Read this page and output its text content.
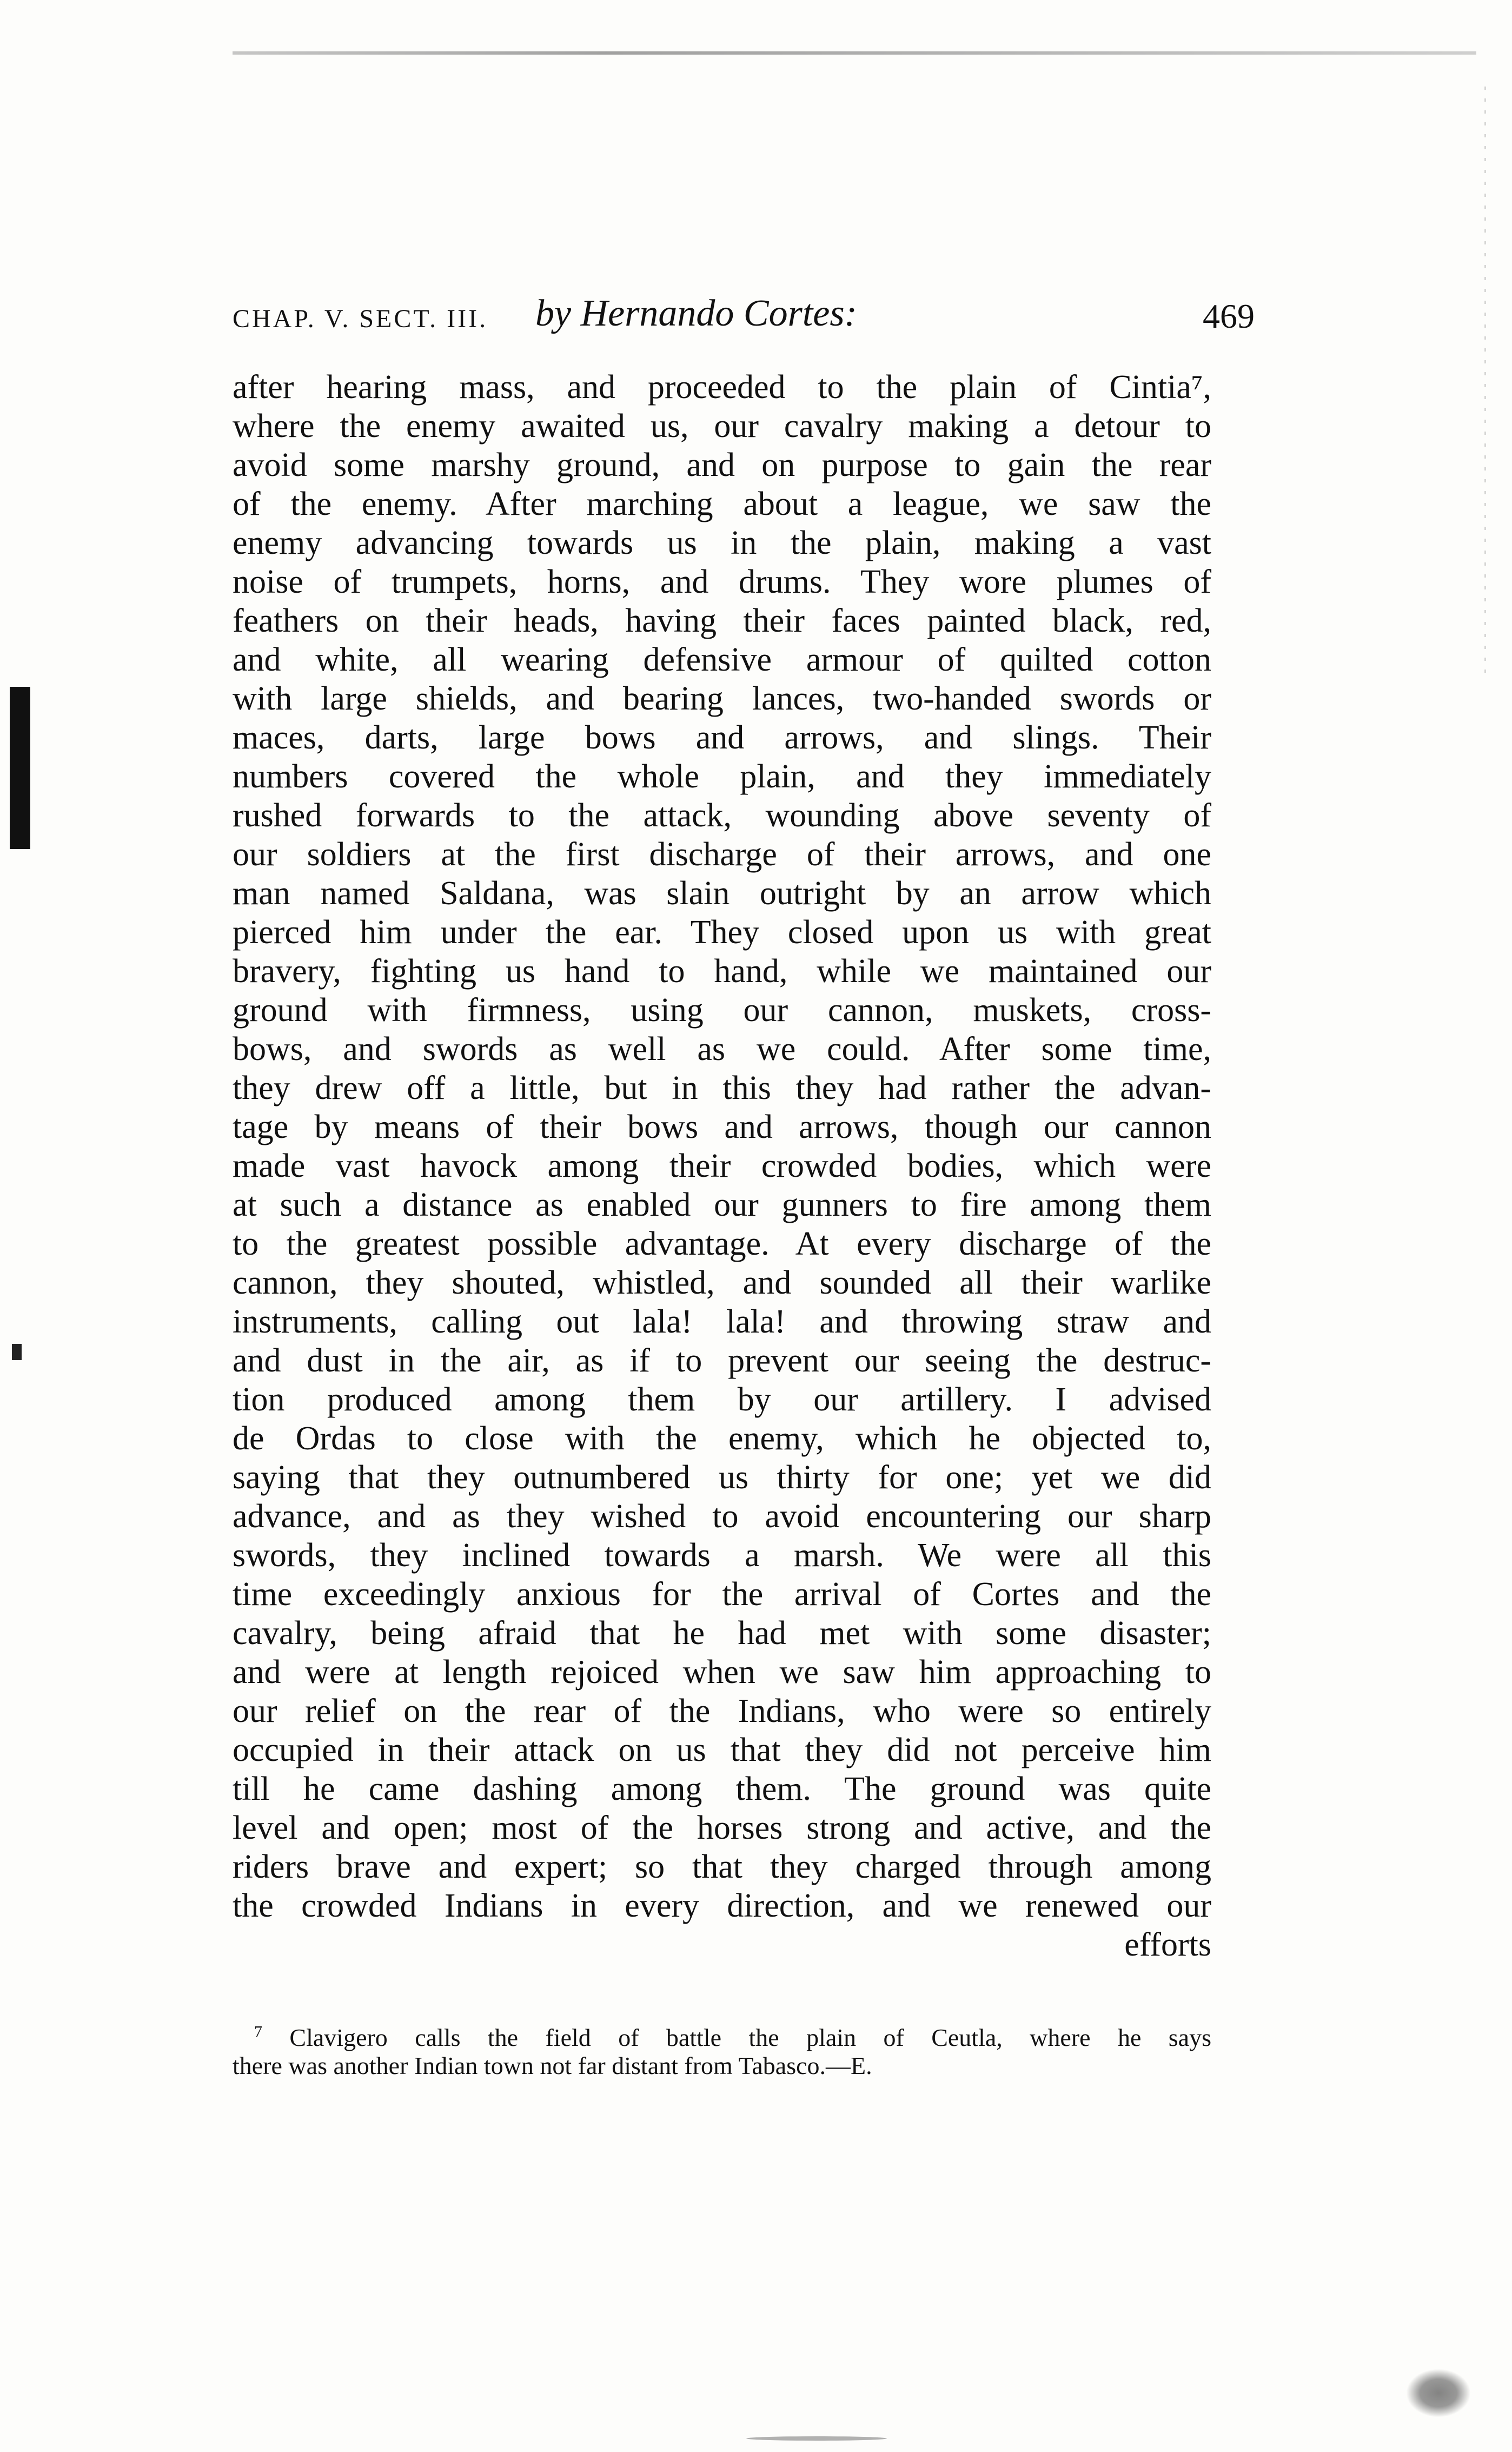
CHAP. V. SECT. III. by Hernando Cortes:	469
after hearing mass, and proceeded to the plain of Cintia⁷,
where the enemy awaited us, our cavalry making a detour to
avoid some marshy ground, and on purpose to gain the rear
of the enemy. After marching about a league, we saw the
enemy advancing towards us in the plain, making a vast
noise of trumpets, horns, and drums. They wore plumes of
feathers on their heads, having their faces painted black, red,
and white, all wearing defensive armour of quilted cotton
with large shields, and bearing lances, two-handed swords or
maces, darts, large bows and arrows, and slings. Their
numbers covered the whole plain, and they immediately
rushed forwards to the attack, wounding above seventy of
our soldiers at the first discharge of their arrows, and one
man named Saldana, was slain outright by an arrow which
pierced him under the ear. They closed upon us with great
bravery, fighting us hand to hand, while we maintained our
ground with firmness, using our cannon, muskets, cross-
bows, and swords as well as we could. After some time,
they drew off a little, but in this they had rather the advan-
tage by means of their bows and arrows, though our cannon
made vast havock among their crowded bodies, which were
at such a distance as enabled our gunners to fire among them
to the greatest possible advantage. At every discharge of the
cannon, they shouted, whistled, and sounded all their warlike
instruments, calling out lala! lala! and throwing straw and
and dust in the air, as if to prevent our seeing the destruc-
tion produced among them by our artillery. I advised
de Ordas to close with the enemy, which he objected to,
saying that they outnumbered us thirty for one; yet we did
advance, and as they wished to avoid encountering our sharp
swords, they inclined towards a marsh. We were all this
time exceedingly anxious for the arrival of Cortes and the
cavalry, being afraid that he had met with some disaster;
and were at length rejoiced when we saw him approaching to
our relief on the rear of the Indians, who were so entirely
occupied in their attack on us that they did not perceive him
till he came dashing among them. The ground was quite
level and open; most of the horses strong and active, and the
riders brave and expert; so that they charged through among
the crowded Indians in every direction, and we renewed our
efforts
$^7$ Clavigero calls the field of battle the plain of Ceutla, where he says
there was another Indian town not far distant from Tabasco.—E.
